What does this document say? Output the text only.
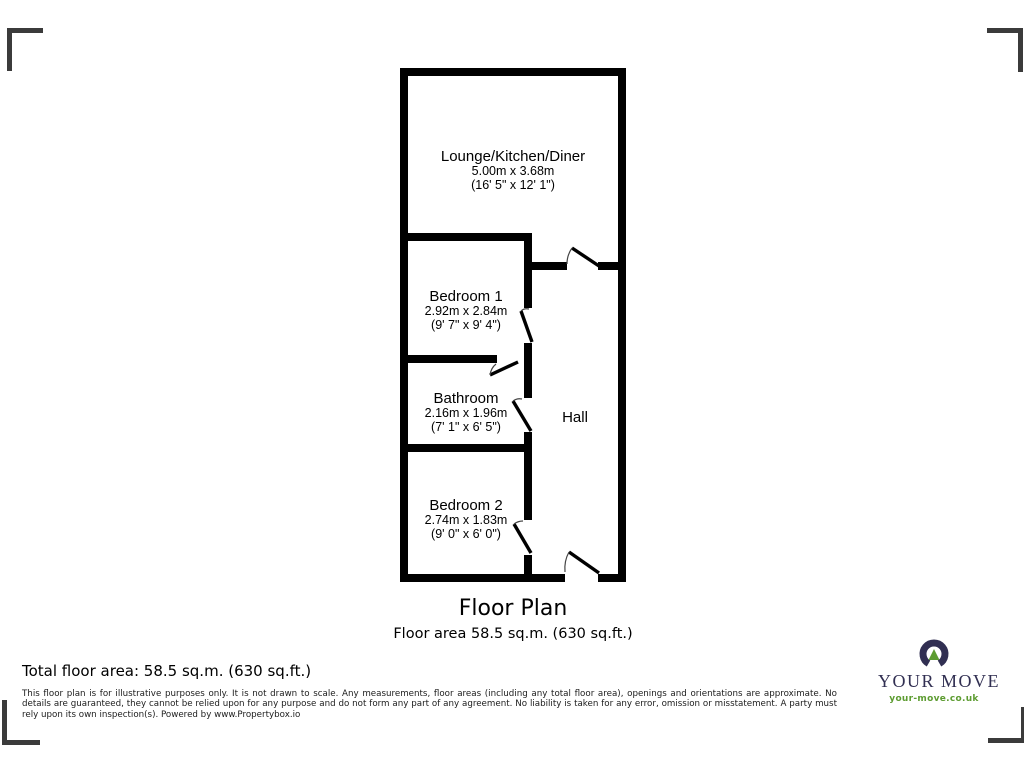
Lounge/Kitchen/Diner
5.00m x 3.68m
(16' 5" x 12' 1")
Bedroom 1
2.92m x 2.84m
(9' 7" x 9' 4")
Bathroom
2.16m x 1.96m
(7' 1" x 6' 5")
Hall
Bedroom 2
2.74m x 1.83m
(9' 0" x 6' 0")
Floor Plan
Floor area 58.5 sq.m. (630 sq.ft.)
Total floor area: 58.5 sq.m. (630 sq.ft.)
This floor plan is for illustrative purposes only. It is not drawn to scale. Any measurements, floor areas (including any total floor area), openings and orientations are approximate. No details are guaranteed, they cannot be relied upon for any purpose and do not form any part of any agreement. No liability is taken for any error, omission or misstatement. A party must rely upon its own inspection(s). Powered by www.Propertybox.io
YOUR MOVE
your-move.co.uk
